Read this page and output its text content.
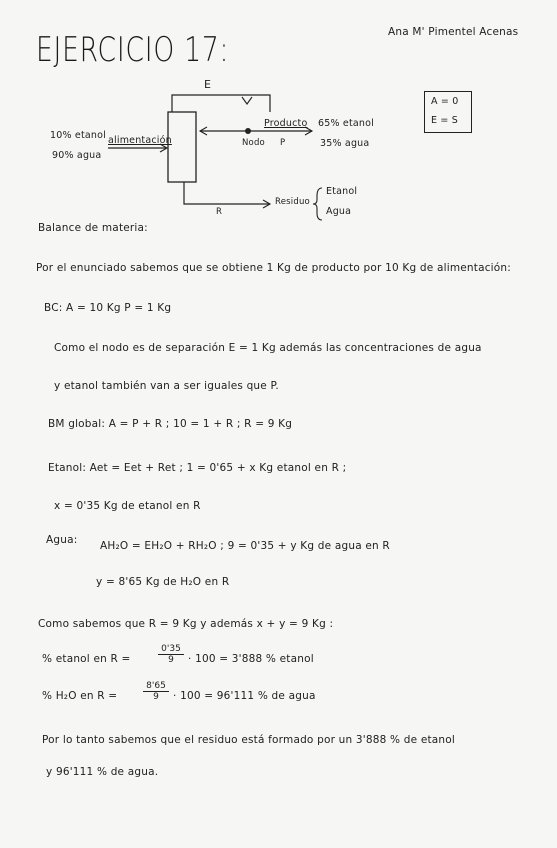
EJERCICIO 17:	Ana M' Pimentel Acenas
10% etanol
90% agua
alimentación
E
Producto 65% etanol
35% agua
Nodo P
Residuo
Etanol
Agua
R
A = 0
E = S
Balance de materia:
Por el enunciado sabemos que se obtiene 1 Kg de producto por 10 Kg de alimentación:
BC: A = 10 Kg P = 1 Kg
Como el nodo es de separación E = 1 Kg además las concentraciones de agua
y etanol también van a ser iguales que P.
BM global: A = P + R ; 10 = 1 + R ; R = 9 Kg
Etanol: Aet = Eet + Ret ; 1 = 0'65 + x Kg etanol en R ;
x = 0'35 Kg de etanol en R
Agua: AH₂O = EH₂O + RH₂O ; 9 = 0'35 + y Kg de agua en R
y = 8'65 Kg de H₂O en R
Como sabemos que R = 9 Kg y además x + y = 9 Kg :
% etanol en R =	$\frac{0'35}{9} \cdot 100 = 3'888$ % etanol
% H₂O en R =	$\frac{8'65}{9} \cdot 100 = 96'111$ % de agua
Por lo tanto sabemos que el residuo está formado por un 3'888 % de etanol
y 96'111 % de agua.
